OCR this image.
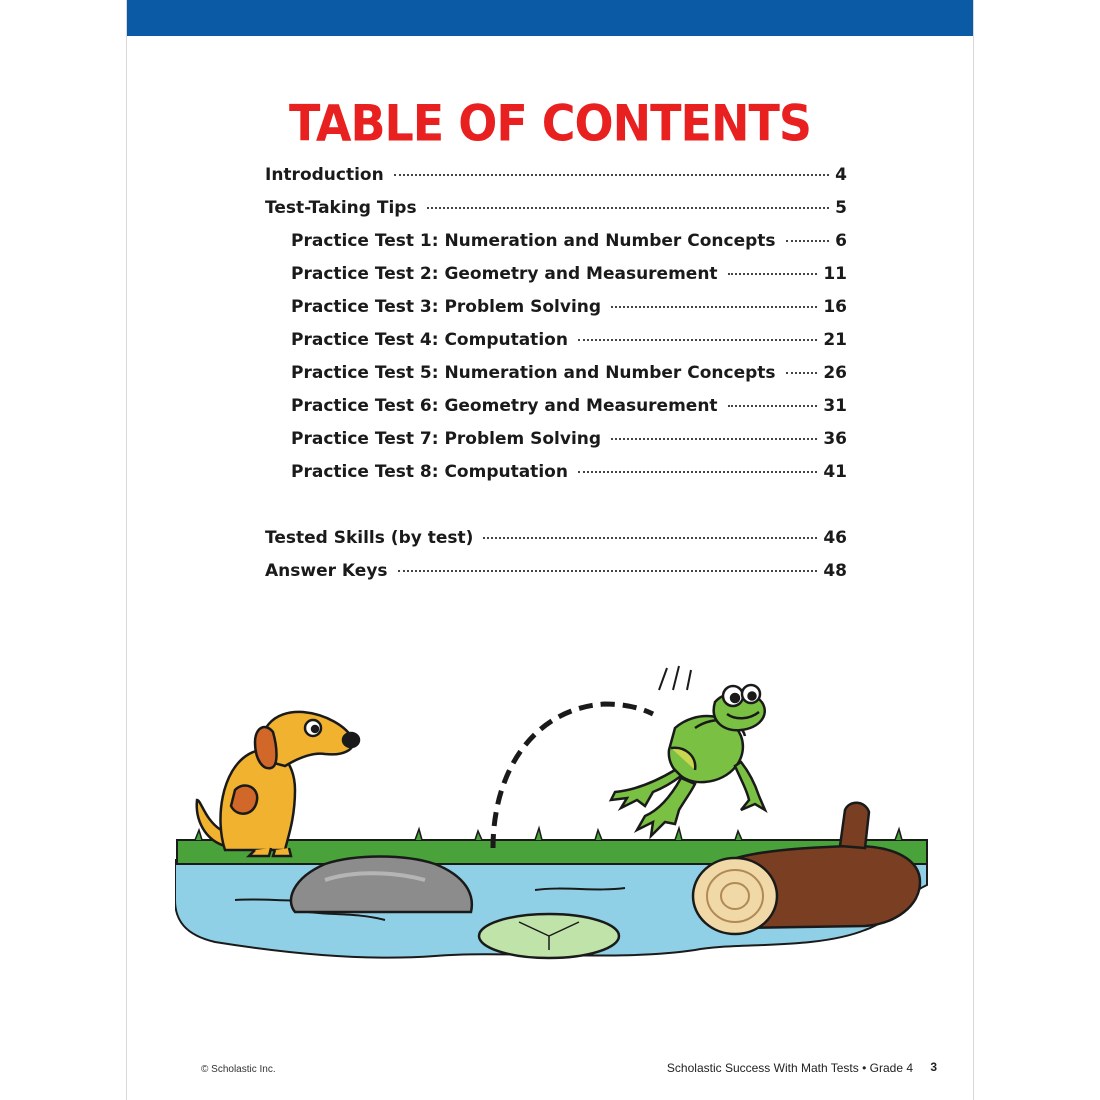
TABLE OF CONTENTS
Introduction	4
Test-Taking Tips	5
Practice Test 1: Numeration and Number Concepts	6
Practice Test 2: Geometry and Measurement	11
Practice Test 3: Problem Solving	16
Practice Test 4: Computation	21
Practice Test 5: Numeration and Number Concepts	26
Practice Test 6: Geometry and Measurement	31
Practice Test 7: Problem Solving	36
Practice Test 8: Computation	41
Tested Skills (by test)	46
Answer Keys	48
© Scholastic Inc.	Scholastic Success With Math Tests • Grade 4 3
